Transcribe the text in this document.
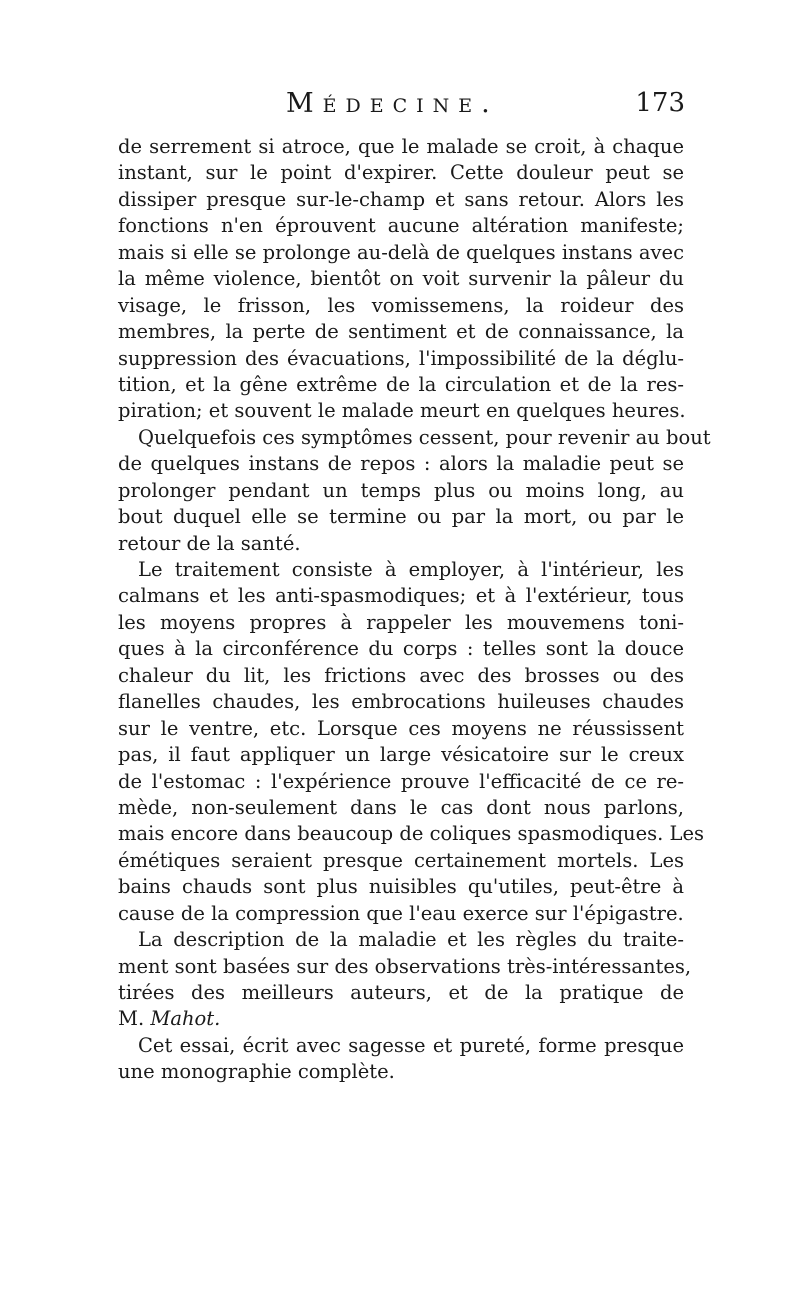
Médecine.	173
de serrement si atroce, que le malade se croit, à chaque
instant, sur le point d'expirer. Cette douleur peut se
dissiper presque sur-le-champ et sans retour. Alors les
fonctions n'en éprouvent aucune altération manifeste;
mais si elle se prolonge au-delà de quelques instans avec
la même violence, bientôt on voit survenir la pâleur du
visage, le frisson, les vomissemens, la roideur des
membres, la perte de sentiment et de connaissance, la
suppression des évacuations, l'impossibilité de la déglu-
tition, et la gêne extrême de la circulation et de la res-
piration; et souvent le malade meurt en quelques heures.
Quelquefois ces symptômes cessent, pour revenir au bout
de quelques instans de repos : alors la maladie peut se
prolonger pendant un temps plus ou moins long, au
bout duquel elle se termine ou par la mort, ou par le
retour de la santé.
Le traitement consiste à employer, à l'intérieur, les
calmans et les anti-spasmodiques; et à l'extérieur, tous
les moyens propres à rappeler les mouvemens toni-
ques à la circonférence du corps : telles sont la douce
chaleur du lit, les frictions avec des brosses ou des
flanelles chaudes, les embrocations huileuses chaudes
sur le ventre, etc. Lorsque ces moyens ne réussissent
pas, il faut appliquer un large vésicatoire sur le creux
de l'estomac : l'expérience prouve l'efficacité de ce re-
mède, non-seulement dans le cas dont nous parlons,
mais encore dans beaucoup de coliques spasmodiques. Les
émétiques seraient presque certainement mortels. Les
bains chauds sont plus nuisibles qu'utiles, peut-être à
cause de la compression que l'eau exerce sur l'épigastre.
La description de la maladie et les règles du traite-
ment sont basées sur des observations très-intéressantes,
tirées des meilleurs auteurs, et de la pratique de
M. Mahot.
Cet essai, écrit avec sagesse et pureté, forme presque
une monographie complète.
